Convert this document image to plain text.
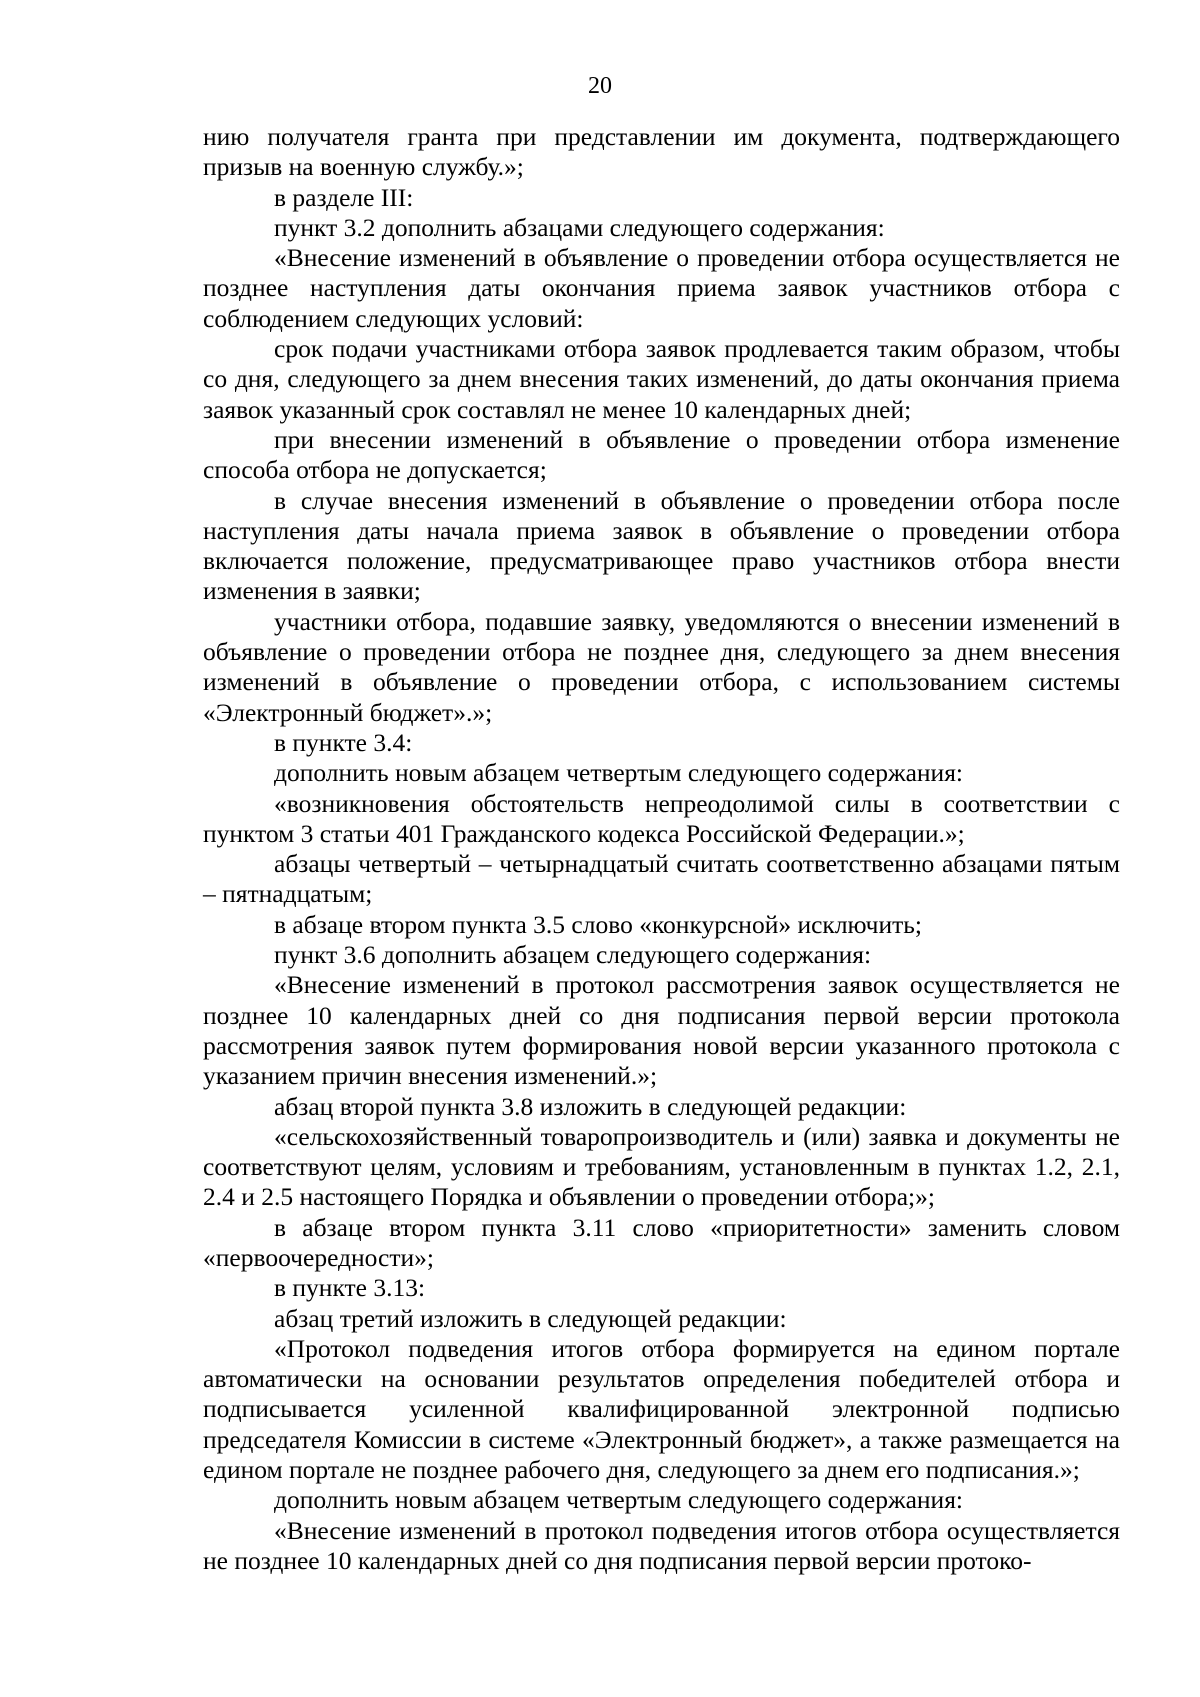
20

нию получателя гранта при представлении им документа, подтверждающего призыв на военную службу.»;

в разделе III:

пункт 3.2 дополнить абзацами следующего содержания:

«Внесение изменений в объявление о проведении отбора осуществляется не позднее наступления даты окончания приема заявок участников отбора с соблюдением следующих условий:

срок подачи участниками отбора заявок продлевается таким образом, чтобы со дня, следующего за днем внесения таких изменений, до даты окончания приема заявок указанный срок составлял не менее 10 календарных дней;

при внесении изменений в объявление о проведении отбора изменение способа отбора не допускается;

в случае внесения изменений в объявление о проведении отбора после наступления даты начала приема заявок в объявление о проведении отбора включается положение, предусматривающее право участников отбора внести изменения в заявки;

участники отбора, подавшие заявку, уведомляются о внесении изменений в объявление о проведении отбора не позднее дня, следующего за днем внесения изменений в объявление о проведении отбора, с использованием системы «Электронный бюджет».»;

в пункте 3.4:

дополнить новым абзацем четвертым следующего содержания:

«возникновения обстоятельств непреодолимой силы в соответствии с пунктом 3 статьи 401 Гражданского кодекса Российской Федерации.»;

абзацы четвертый – четырнадцатый считать соответственно абзацами пятым – пятнадцатым;

в абзаце втором пункта 3.5 слово «конкурсной» исключить;

пункт 3.6 дополнить абзацем следующего содержания:

«Внесение изменений в протокол рассмотрения заявок осуществляется не позднее 10 календарных дней со дня подписания первой версии протокола рассмотрения заявок путем формирования новой версии указанного протокола с указанием причин внесения изменений.»;

абзац второй пункта 3.8 изложить в следующей редакции:

«сельскохозяйственный товаропроизводитель и (или) заявка и документы не соответствуют целям, условиям и требованиям, установленным в пунктах 1.2, 2.1, 2.4 и 2.5 настоящего Порядка и объявлении о проведении отбора;»;

в абзаце втором пункта 3.11 слово «приоритетности» заменить словом «первоочередности»;

в пункте 3.13:

абзац третий изложить в следующей редакции:

«Протокол подведения итогов отбора формируется на едином портале автоматически на основании результатов определения победителей отбора и подписывается усиленной квалифицированной электронной подписью председателя Комиссии в системе «Электронный бюджет», а также размещается на едином портале не позднее рабочего дня, следующего за днем его подписания.»;

дополнить новым абзацем четвертым следующего содержания:

«Внесение изменений в протокол подведения итогов отбора осуществляется не позднее 10 календарных дней со дня подписания первой версии протоко-
